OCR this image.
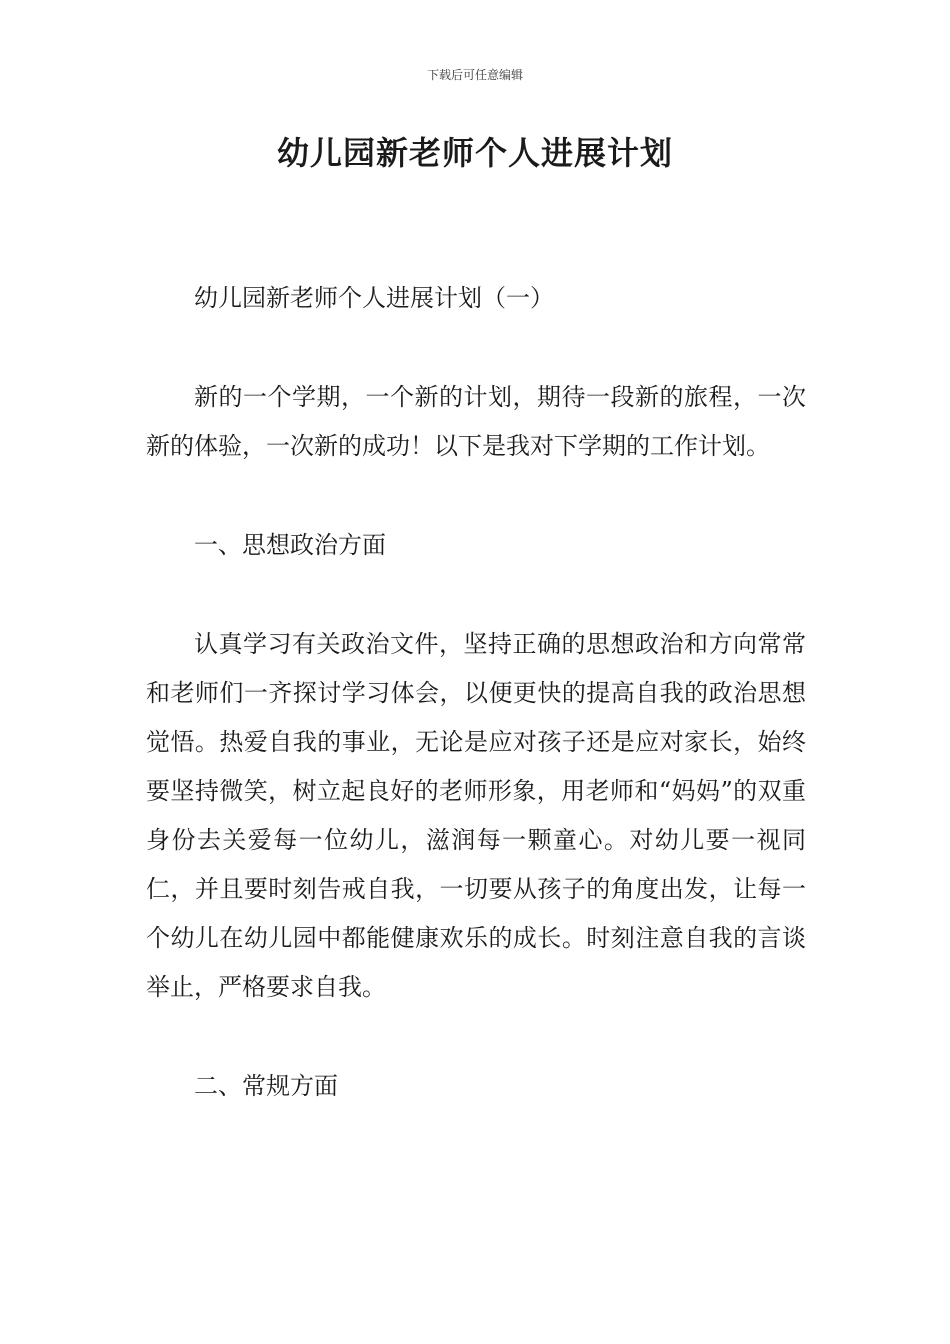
下载后可任意编辑
幼儿园新老师个人进展计划

幼儿园新老师个人进展计划（一）

新的一个学期，一个新的计划，期待一段新的旅程，一次新的体验，一次新的成功！以下是我对下学期的工作计划。

一、思想政治方面

认真学习有关政治文件，坚持正确的思想政治和方向常常和老师们一齐探讨学习体会，以便更快的提高自我的政治思想觉悟。热爱自我的事业，无论是应对孩子还是应对家长，始终要坚持微笑，树立起良好的老师形象，用老师和“妈妈”的双重身份去关爱每一位幼儿，滋润每一颗童心。对幼儿要一视同仁，并且要时刻告戒自我，一切要从孩子的角度出发，让每一个幼儿在幼儿园中都能健康欢乐的成长。时刻注意自我的言谈举止，严格要求自我。

二、常规方面
